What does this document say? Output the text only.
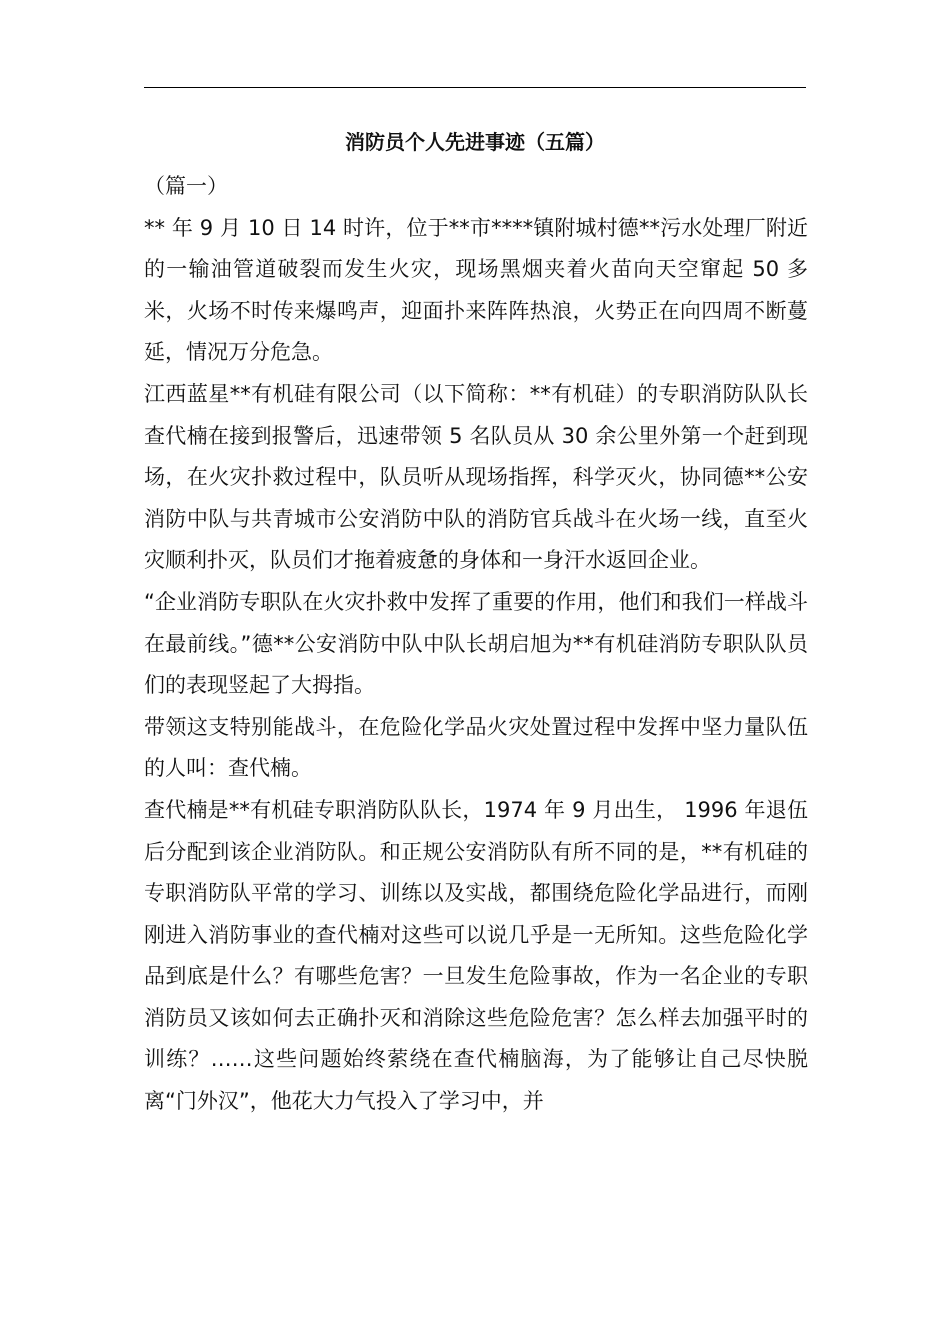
消防员个人先进事迹（五篇）

（篇一）

** 年 9 月 10 日 14 时许，位于**市****镇附城村德**污水处理厂附近的一输油管道破裂而发生火灾，现场黑烟夹着火苗向天空窜起 50 多米，火场不时传来爆鸣声，迎面扑来阵阵热浪，火势正在向四周不断蔓延，情况万分危急。

江西蓝星**有机硅有限公司（以下简称：**有机硅）的专职消防队队长查代楠在接到报警后，迅速带领 5 名队员从 30 余公里外第一个赶到现场，在火灾扑救过程中，队员听从现场指挥，科学灭火，协同德**公安消防中队与共青城市公安消防中队的消防官兵战斗在火场一线，直至火灾顺利扑灭，队员们才拖着疲惫的身体和一身汗水返回企业。

“企业消防专职队在火灾扑救中发挥了重要的作用，他们和我们一样战斗在最前线。”德**公安消防中队中队长胡启旭为**有机硅消防专职队队员们的表现竖起了大拇指。

带领这支特别能战斗，在危险化学品火灾处置过程中发挥中坚力量队伍的人叫：查代楠。

查代楠是**有机硅专职消防队队长，1974 年 9 月出生， 1996 年退伍后分配到该企业消防队。和正规公安消防队有所不同的是，**有机硅的专职消防队平常的学习、训练以及实战，都围绕危险化学品进行，而刚刚进入消防事业的查代楠对这些可以说几乎是一无所知。这些危险化学品到底是什么？有哪些危害？一旦发生危险事故，作为一名企业的专职消防员又该如何去正确扑灭和消除这些危险危害？怎么样去加强平时的训练？……这些问题始终萦绕在查代楠脑海，为了能够让自己尽快脱离“门外汉”，他花大力气投入了学习中，并
